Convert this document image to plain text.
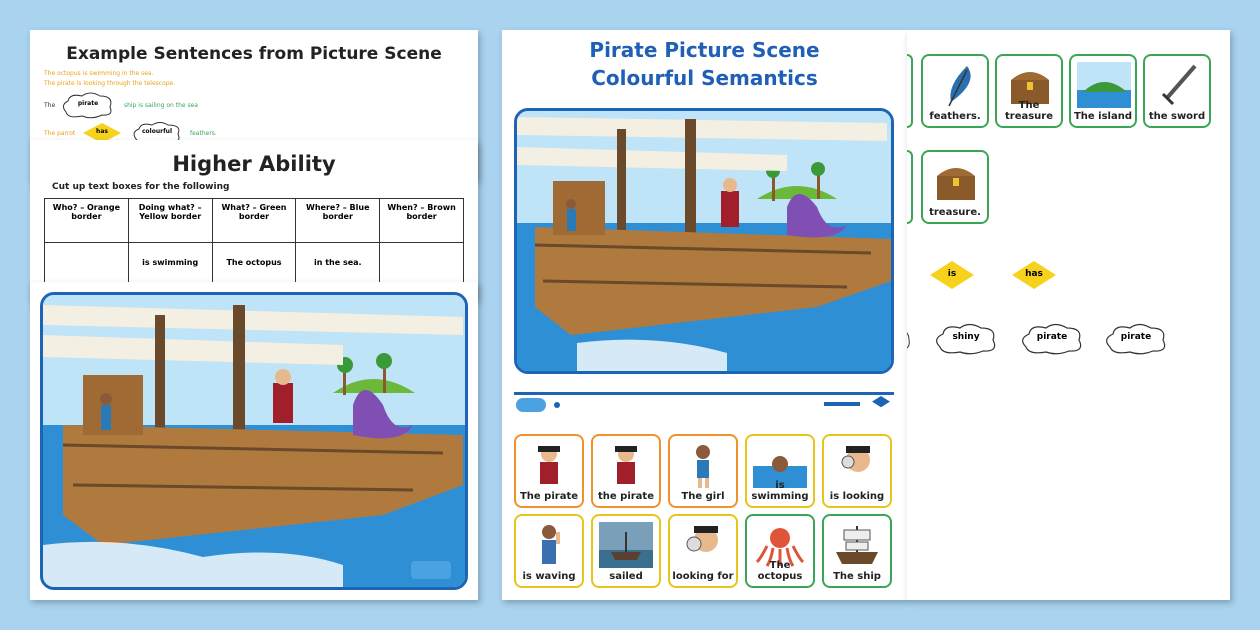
Example Sentences from Picture Scene
The octopus is swimming in the sea.
The pirate is looking through the telescope.
The	pirate	ship is sailing on the sea
The parrot	has	colourful	feathers.
Higher Ability
Cut up text boxes for the following
Who? – Orange border	Doing what? – Yellow border	What? – Green border	Where? – Blue border	When? – Brown border
	is swimming	The octopus	in the sea.	
Pirate Picture Scene
Colourful Semantics
The pirate	the pirate	The girl
is swimming	is looking
is waving	sailed	looking for
The octopus	The ship
feathers.
The treasure	The island	the sword
treasure.
is	has
shiny	pirate	pirate
